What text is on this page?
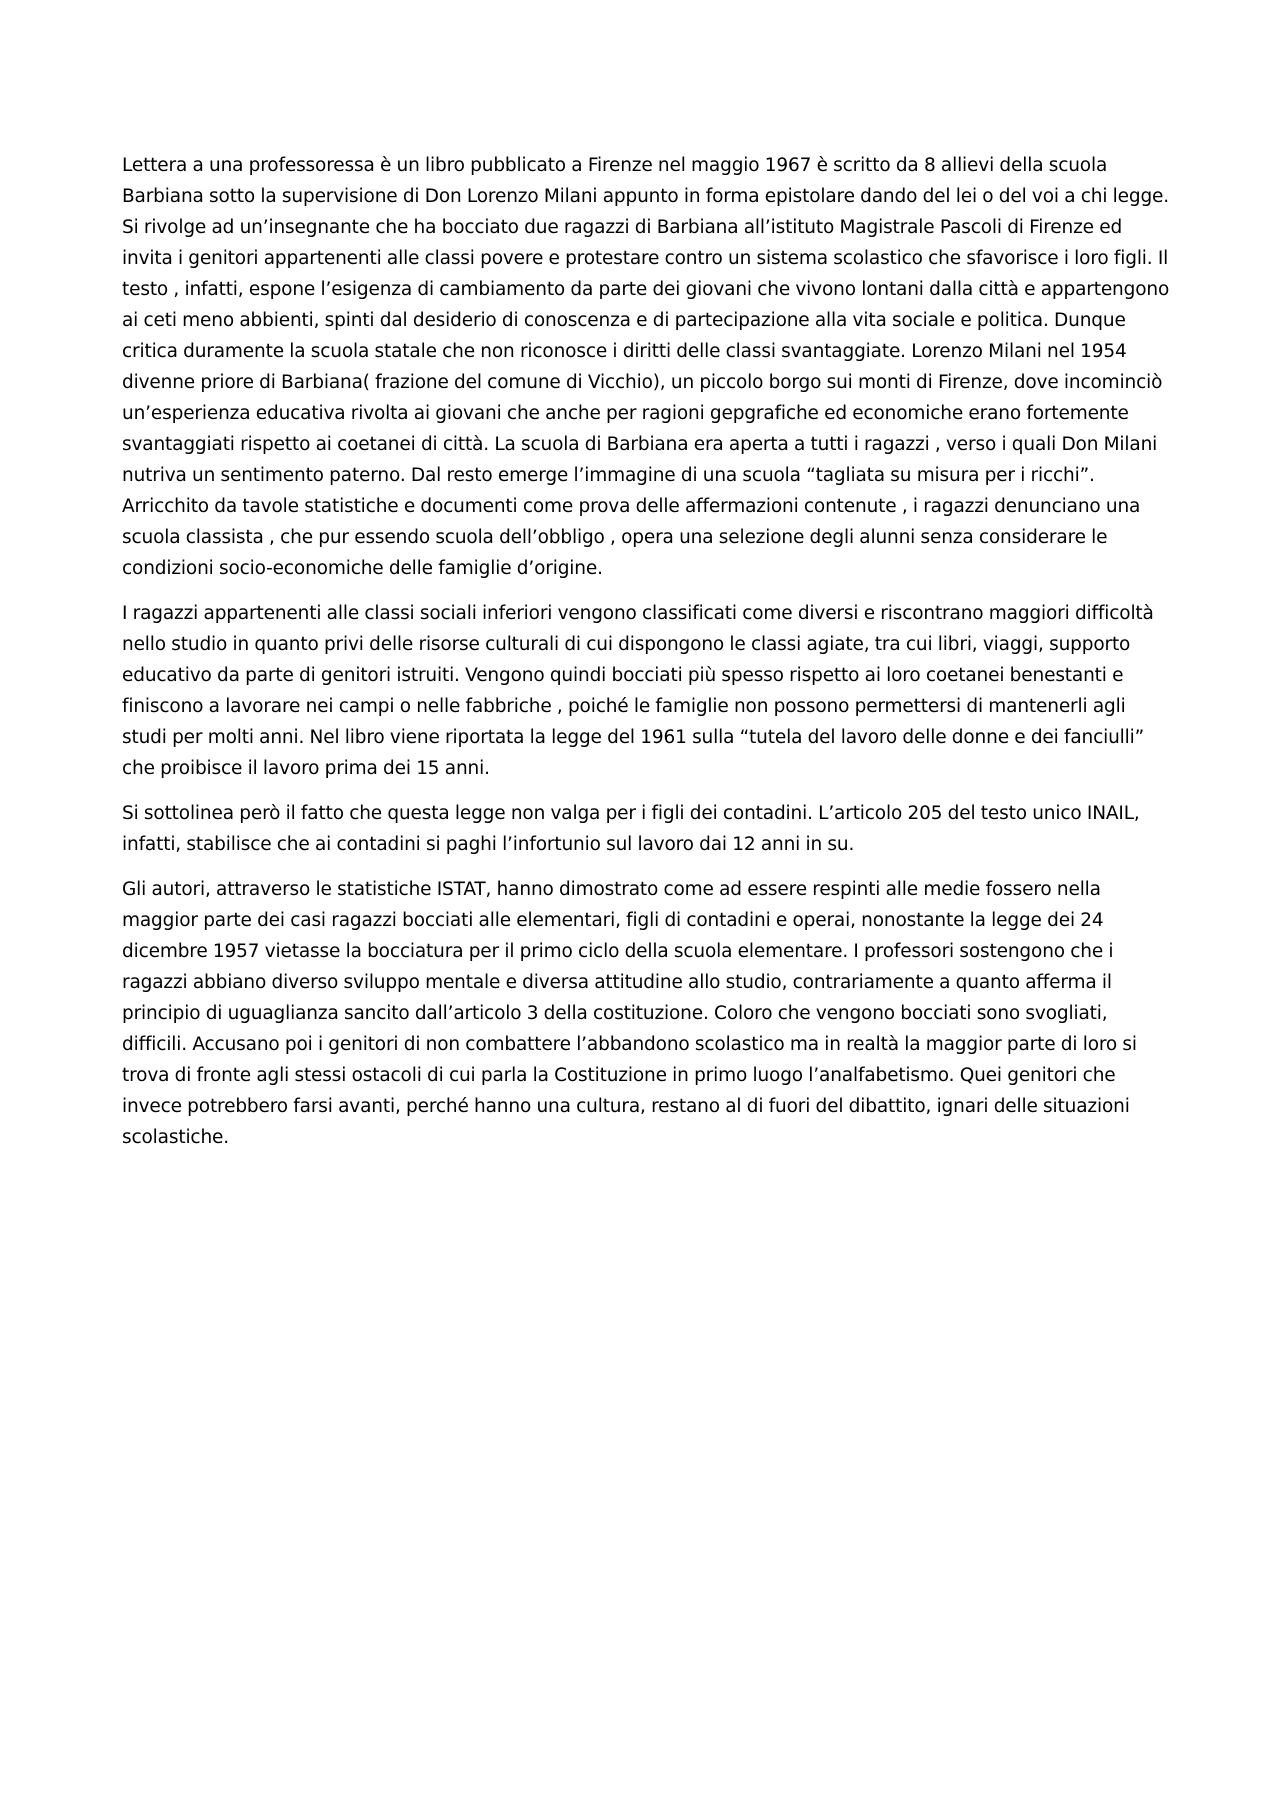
Lettera a una professoressa è un libro pubblicato a Firenze nel maggio 1967 è scritto da 8 allievi della scuola Barbiana sotto la supervisione di Don Lorenzo Milani appunto in forma epistolare dando del lei o del voi a chi legge. Si rivolge ad un’insegnante che ha bocciato due ragazzi di Barbiana all’istituto Magistrale Pascoli di Firenze ed invita i genitori appartenenti alle classi povere e protestare contro un sistema scolastico che sfavorisce i loro figli. Il testo , infatti, espone l’esigenza di cambiamento da parte dei giovani che vivono lontani dalla città e appartengono ai ceti meno abbienti, spinti dal desiderio di conoscenza e di partecipazione alla vita sociale e politica. Dunque critica duramente la scuola statale che non riconosce i diritti delle classi svantaggiate. Lorenzo Milani nel 1954 divenne priore di Barbiana( frazione del comune di Vicchio), un piccolo borgo sui monti di Firenze, dove incominciò un’esperienza educativa rivolta ai giovani che anche per ragioni gepgrafiche ed economiche erano fortemente svantaggiati rispetto ai coetanei di città. La scuola di Barbiana era aperta a tutti i ragazzi , verso i quali Don Milani nutriva un sentimento paterno. Dal resto emerge l’immagine di una scuola “tagliata su misura per i ricchi”. Arricchito da tavole statistiche e documenti come prova delle affermazioni contenute , i ragazzi denunciano una scuola classista , che pur essendo scuola dell’obbligo , opera una selezione degli alunni senza considerare le condizioni socio-economiche delle famiglie d’origine.

I ragazzi appartenenti alle classi sociali inferiori vengono classificati come diversi e riscontrano maggiori difficoltà nello studio in quanto privi delle risorse culturali di cui dispongono le classi agiate, tra cui libri, viaggi, supporto educativo da parte di genitori istruiti. Vengono quindi bocciati più spesso rispetto ai loro coetanei benestanti e finiscono a lavorare nei campi o nelle fabbriche , poiché le famiglie non possono permettersi di mantenerli agli studi per molti anni. Nel libro viene riportata la legge del 1961 sulla “tutela del lavoro delle donne e dei fanciulli” che proibisce il lavoro prima dei 15 anni.

Si sottolinea però il fatto che questa legge non valga per i figli dei contadini. L’articolo 205 del testo unico INAIL, infatti, stabilisce che ai contadini si paghi l’infortunio sul lavoro dai 12 anni in su.

Gli autori, attraverso le statistiche ISTAT, hanno dimostrato come ad essere respinti alle medie fossero nella maggior parte dei casi ragazzi bocciati alle elementari, figli di contadini e operai, nonostante la legge dei 24 dicembre 1957 vietasse la bocciatura per il primo ciclo della scuola elementare. I professori sostengono che i ragazzi abbiano diverso sviluppo mentale e diversa attitudine allo studio, contrariamente a quanto afferma il principio di uguaglianza sancito dall’articolo 3 della costituzione. Coloro che vengono bocciati sono svogliati, difficili. Accusano poi i genitori di non combattere l’abbandono scolastico ma in realtà la maggior parte di loro si trova di fronte agli stessi ostacoli di cui parla la Costituzione in primo luogo l’analfabetismo. Quei genitori che invece potrebbero farsi avanti, perché hanno una cultura, restano al di fuori del dibattito, ignari delle situazioni scolastiche.
